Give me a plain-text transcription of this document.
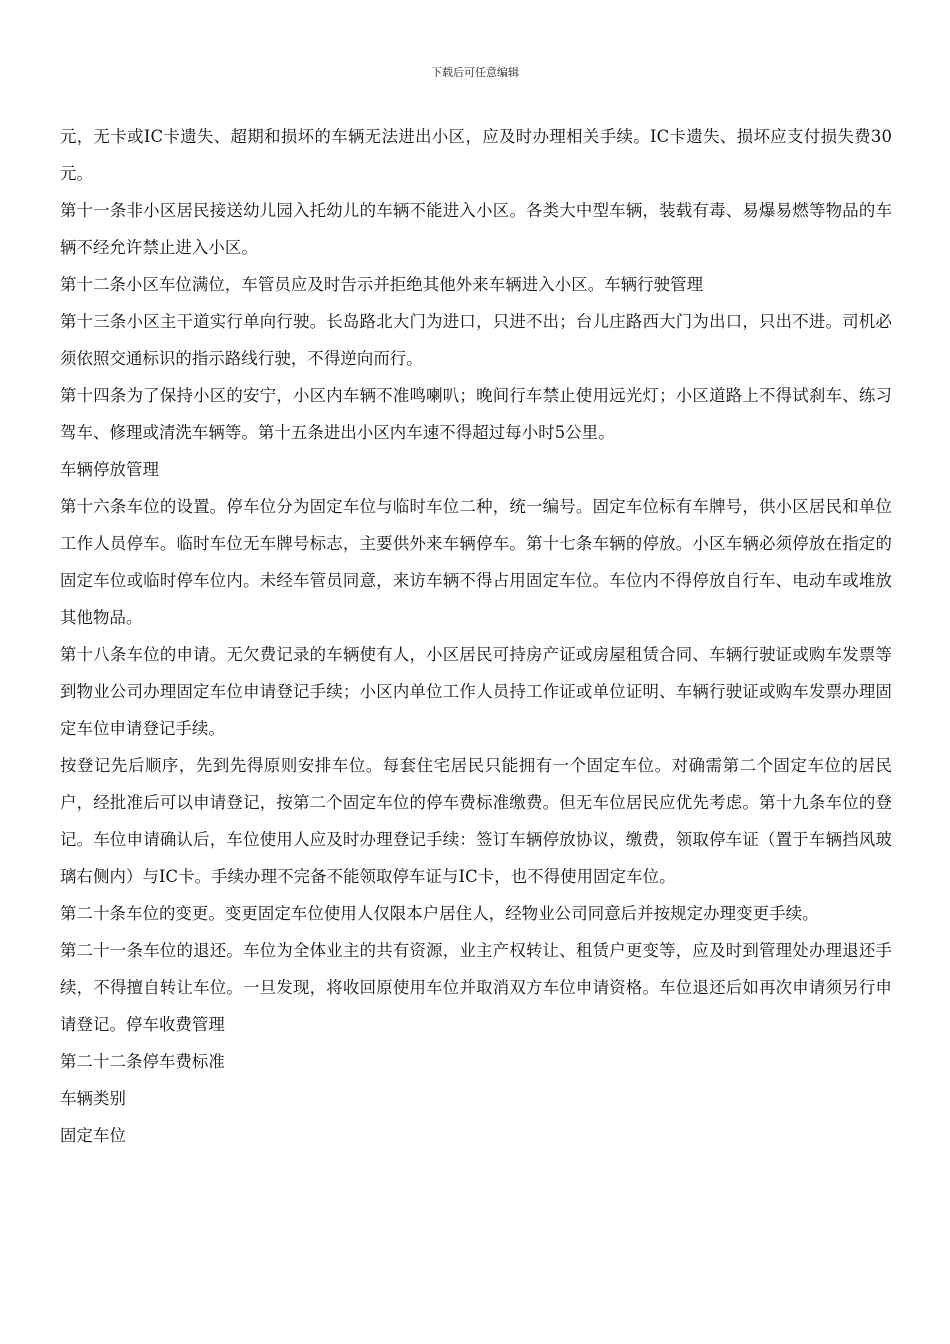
下载后可任意编辑

元，无卡或IC卡遗失、超期和损坏的车辆无法进出小区，应及时办理相关手续。IC卡遗失、损坏应支付损失费30元。

第十一条非小区居民接送幼儿园入托幼儿的车辆不能进入小区。各类大中型车辆，装载有毒、易爆易燃等物品的车辆不经允许禁止进入小区。

第十二条小区车位满位，车管员应及时告示并拒绝其他外来车辆进入小区。车辆行驶管理

第十三条小区主干道实行单向行驶。长岛路北大门为进口，只进不出；台儿庄路西大门为出口，只出不进。司机必须依照交通标识的指示路线行驶，不得逆向而行。

第十四条为了保持小区的安宁，小区内车辆不准鸣喇叭；晚间行车禁止使用远光灯；小区道路上不得试刹车、练习驾车、修理或清洗车辆等。第十五条进出小区内车速不得超过每小时5公里。

车辆停放管理

第十六条车位的设置。停车位分为固定车位与临时车位二种，统一编号。固定车位标有车牌号，供小区居民和单位工作人员停车。临时车位无车牌号标志，主要供外来车辆停车。第十七条车辆的停放。小区车辆必须停放在指定的固定车位或临时停车位内。未经车管员同意，来访车辆不得占用固定车位。车位内不得停放自行车、电动车或堆放其他物品。

第十八条车位的申请。无欠费记录的车辆使有人，小区居民可持房产证或房屋租赁合同、车辆行驶证或购车发票等到物业公司办理固定车位申请登记手续；小区内单位工作人员持工作证或单位证明、车辆行驶证或购车发票办理固定车位申请登记手续。

按登记先后顺序，先到先得原则安排车位。每套住宅居民只能拥有一个固定车位。对确需第二个固定车位的居民户，经批准后可以申请登记，按第二个固定车位的停车费标准缴费。但无车位居民应优先考虑。第十九条车位的登记。车位申请确认后，车位使用人应及时办理登记手续：签订车辆停放协议，缴费，领取停车证（置于车辆挡风玻璃右侧内）与IC卡。手续办理不完备不能领取停车证与IC卡，也不得使用固定车位。

第二十条车位的变更。变更固定车位使用人仅限本户居住人，经物业公司同意后并按规定办理变更手续。

第二十一条车位的退还。车位为全体业主的共有资源，业主产权转让、租赁户更变等，应及时到管理处办理退还手续，不得擅自转让车位。一旦发现，将收回原使用车位并取消双方车位申请资格。车位退还后如再次申请须另行申请登记。停车收费管理

第二十二条停车费标准

车辆类别

固定车位
